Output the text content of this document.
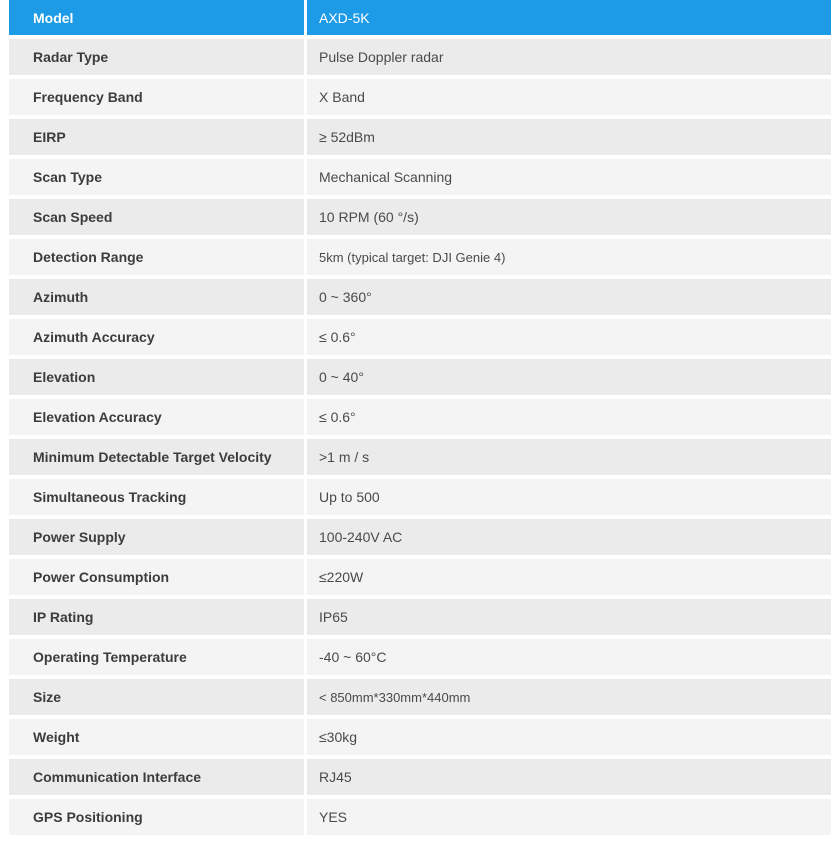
Model	AXD-5K
Radar Type	Pulse Doppler radar
Frequency Band	X Band
EIRP	≥ 52dBm
Scan Type	Mechanical Scanning
Scan Speed	10 RPM (60 °/s)
Detection Range	5km (typical target: DJI Genie 4)
Azimuth	0 ~ 360°
Azimuth Accuracy	≤ 0.6°
Elevation	0 ~ 40°
Elevation Accuracy	≤ 0.6°
Minimum Detectable Target Velocity	>1 m / s
Simultaneous Tracking	Up to 500
Power Supply	100-240V AC
Power Consumption	≤220W
IP Rating	IP65
Operating Temperature	-40 ~ 60°C
Size	< 850mm*330mm*440mm
Weight	≤30kg
Communication Interface	RJ45
GPS Positioning	YES
